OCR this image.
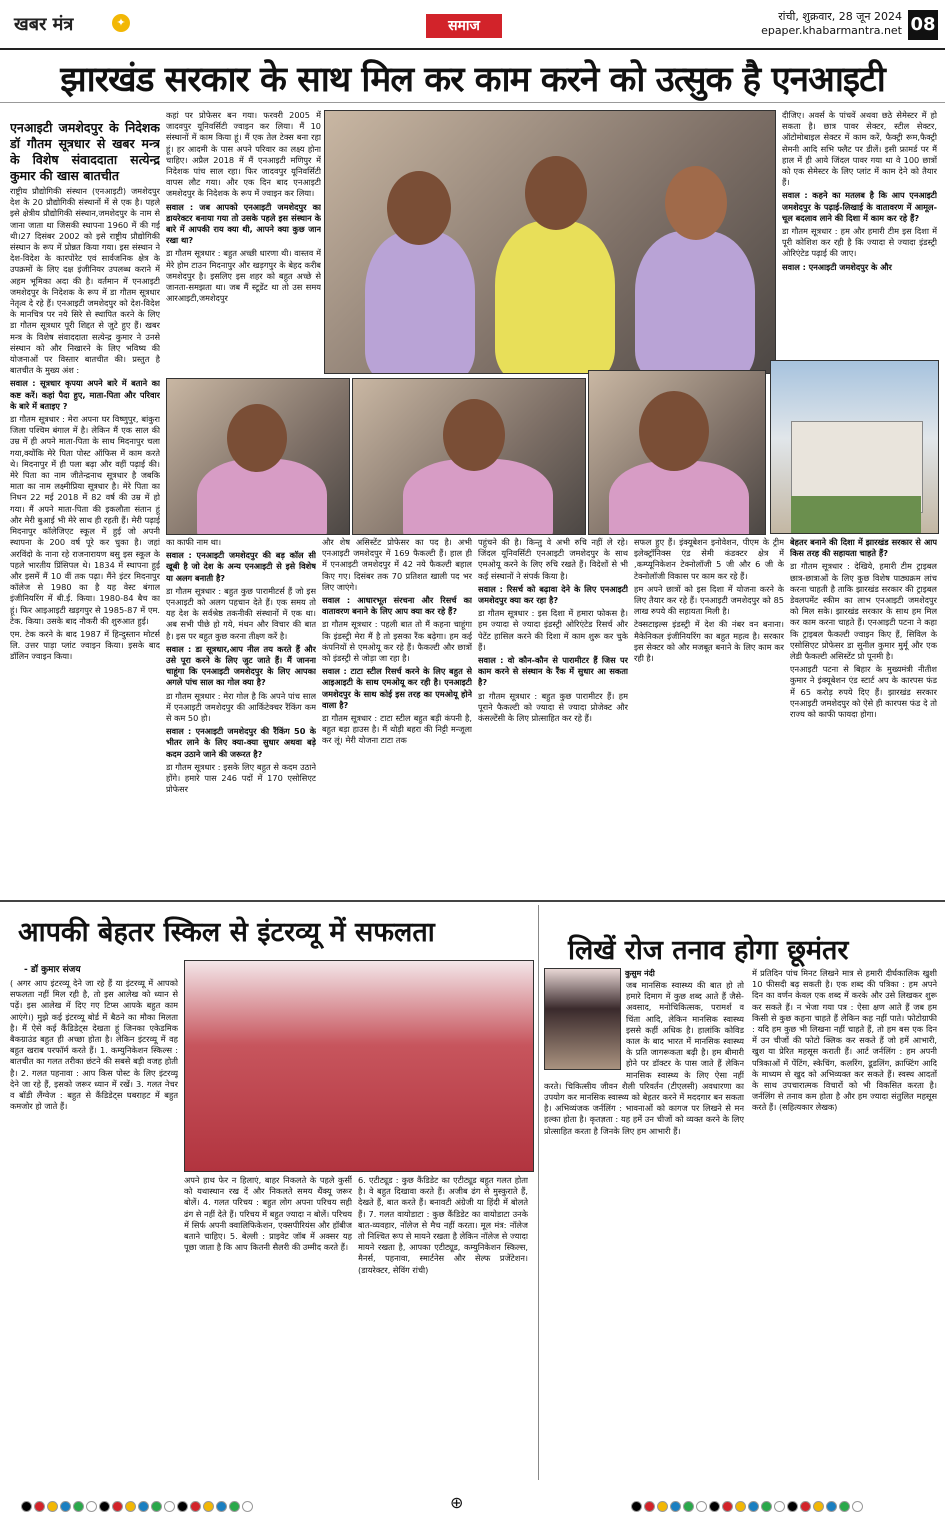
खबर मंत्र	✦	समाज
रांची, शुक्रवार, 28 जून 2024
epaper.khabarmantra.net 08
झारखंड सरकार के साथ मिल कर काम करने को उत्सुक है एनआइटी

एनआइटी जमशेदपुर के निदेशक डॉ गौतम सूत्रधार से खबर मन्त्र के विशेष संवाददाता सत्येन्द्र कुमार की खास बातचीत

राष्ट्रीय प्रौद्योगिकी संस्थान (एनआइटी) जमशेदपुर देश के 20 प्रौद्योगिकी संस्थानों में से एक है। पहले इसे क्षेत्रीय प्रौद्योगिकी संस्थान,जमशेदपुर के नाम से जाना जाता था जिसकी स्थापना 1960 में की गई थी।27 दिसंबर 2002 को इसे राष्ट्रीय प्रौद्योगिकी संस्थान के रूप में प्रोन्नत किया गया। इस संस्थान ने देश-विदेश के कारपोरेट एवं सार्वजनिक क्षेत्र के उपक्रमों के लिए दक्ष इंजीनियर उपलब्ध कराने में अहम भूमिका अदा की है। वर्तमान में एनआइटी जमशेदपुर के निदेशक के रूप में डा गौतम सूत्रधार नेतृत्व दे रहे हैं। एनआइटी जमशेदपुर को देश-विदेश के मानचित्र पर नये सिरे से स्थापित करने के लिए डा गौतम सूत्रधार पूरी शिद्दत से जुटे हुए हैं। खबर मन्त्र के विशेष संवाददाता सत्येन्द्र कुमार ने उनसे संस्थान को और निखारने के लिए भविष्य की योजनाओं पर विस्तार बातचीत की। प्रस्तुत है बातचीत के मुख्य अंश :

सवाल : सूत्रधार कृपया अपने बारे में बताने का कष्ट करें। कहां पैदा हुए, माता-पिता और परिवार के बारे में बताइए ?

डा गौतम सूत्रधार : मेरा अपना घर विष्णुपुर, बांकुरा जिला पश्चिम बंगाल में है। लेकिन मैं एक साल की उम्र में ही अपने माता-पिता के साथ मिदनापुर चला गया,क्योंकि मेरे पिता पोस्ट ऑफिस में काम करते थे। मिदनापुर में ही पला बढ़ा और वहीं पढ़ाई की। मेरे पिता का नाम जीतेन्द्रनाथ सूत्रधार है जबकि माता का नाम लक्ष्मीप्रिया सूत्रधार है। मेरे पिता का निधन 22 मई 2018 में 82 वर्ष की उम्र में हो गया। मैं अपने माता-पिता की इकलौता संतान हूं और मेरी बुआई भी मेरे साथ ही रहती हैं। मेरी पढ़ाई मिदनापुर कॉलेजिएट स्कूल में हुई जो अपनी स्थापना के 200 वर्ष पूरे कर चुका है। जहां अरविंदो के नाना रहे राजनारायण बसु इस स्कूल के पहले भारतीय प्रिंसिपल थे। 1834 में स्थापना हुई और इसमें मैं 10 वीं तक पढ़ा। मैंने इंटर मिदनापुर कॉलेज से 1980 का है यह वेस्ट बंगाल इंजीनियरिंग में बी.ई. किया। 1980-84 बैच का हूं। फिर आइआइटी खड़गपुर से 1985-87 में एम. टेक. किया। उसके बाद नौकरी की शुरुआत हुई।

एम. टेक करने के बाद 1987 में हिन्दुस्तान मोटर्स लि. उत्तर पाड़ा प्लांट ज्वाइन किया। इसके बाद डॉलिन ज्वाइन किया।

कहां पर प्रोफेसर बन गया। फरवरी 2005 में जादवपुर यूनिवर्सिटी ज्वाइन कर लिया। मैं 10 संस्थानों में काम किया हूं। मैं एक तेल टेक्स बना रहा हूं। हर आदमी के पास अपने परिवार का लक्ष्य होना चाहिए। अप्रैल 2018 में मैं एनआइटी मणिपुर में निदेशक पांच साल रहा। फिर जादवपुर यूनिवर्सिटी वापस लौट गया। और एक दिन बाद एनआइटी जमशेदपुर के निदेशक के रूप में ज्वाइन कर लिया।

सवाल : जब आपको एनआइटी जमशेदपुर का डायरेक्टर बनाया गया तो उसके पहले इस संस्थान के बारे में आपकी राय क्या थी, आपने क्या कुछ जान रखा था?

डा गौतम सूत्रधार : बहुत अच्छी धारणा थी। वास्तव में मेरे होम टाउन मिदनापुर और खड़गपुर के बेहद करीब जमशेदपुर है। इसलिए इस शहर को बहुत अच्छे से जानता-समझता था। जब मैं स्टूडेंट था तो उस समय आरआइटी,जमशेदपुर

दीजिए। अवर्स के पांचवें अथवा छठे सेमेस्टर में हो सकता है। छात्र पावर सेक्टर, स्टील सेक्टर, ऑटोमोबाइल सेक्टर में काम करें, फैक्ट्री रूम,फैक्ट्री सेमनी आदि सभि फ्लैट पर डीलें। इसी फ्रामर्ड पर मैं हाल में ही आये जिंदल पावर गया था वे 100 छात्रों को एक सेमेस्टर के लिए प्लांट में काम देने को तैयार हैं।

सवाल : कहने का मतलब है कि आप एनआइटी जमशेदपुर के पढ़ाई-लिखाई के वातावरण में आमूल-चूल बदलाव लाने की दिशा में काम कर रहे हैं?

डा गौतम सूत्रधार : हम और हमारी टीम इस दिशा में पूरी कोशिश कर रही है कि ज्यादा से ज्यादा इंडस्ट्री ओरिएंटेड पढ़ाई की जाए।

सवाल : एनआइटी जमशेदपुर के और

का काफी नाम था।

सवाल : एनआइटी जमशेदपुर की बड़ कॉल सी खूबी है जो देश के अन्य एनआइटी से इसे विशेष या अलग बनाती है?

डा गौतम सूत्रधार : बहुत कुछ पारामीटर्स हैं जो इस एनआइटी को अलग पहचान देते हैं। एक समय तो यह देश के सर्वश्रेष्ठ तकनीकी संस्थानों में एक था। अब सभी पीछे हो गये, मंथन और विचार की बात है। इस पर बहुत कुछ करना तीक्ष्ण करें है।

सवाल : डा सूत्रधार,आप नील तय करते हैं और उसे पूरा करने के लिए जुट जाते हैं। मैं जानना चाहूंगा कि एनआइटी जमशेदपुर के लिए आपका अगले पांच साल का गोल क्या है?

डा गौतम सूत्रधार : मेरा गोल है कि अपने पांच साल में एनआइटी जमशेदपुर की आर्किटेक्चर रैंकिंग कम से कम 50 हो।

सवाल : एनआइटी जमशेदपुर की रैंकिंग 50 के भीतर लाने के लिए क्या-क्या सुधार अथवा बड़े कदम उठाने जाने की जरूरत है?

डा गौतम सूत्रधार : इसके लिए बहुत से कदम उठाने होंगे। हमारे पास 246 पदों में 170 एसोसिएट प्रोफेसर

और शेष असिस्टेंट प्रोफेसर का पद है। अभी एनआइटी जमशेदपुर में 169 फैकल्टी हैं। हाल ही में एनआइटी जमशेदपुर में 42 नये फैकल्टी बहाल किए गए। दिसंबर तक 70 प्रतिशत खाली पद भर लिए जाएंगे।

सवाल : आधारभूत संरचना और रिसर्च का वातावरण बनाने के लिए आप क्या कर रहे हैं?

डा गौतम सूत्रधार : पहली बात तो मैं कहना चाहूंगा कि इंडस्ट्री मेरा मैं है तो इसका रैंक बढ़ेगा। हम कई कंपनियों से एमओयू कर रहे हैं। फैकल्टी और छात्रों को इंडस्ट्री से जोड़ा जा रहा है।

सवाल : टाटा स्टील रिसर्च करने के लिए बहुत से आइआइटी के साथ एमओयू कर रही है। एनआइटी जमशेदपुर के साथ कोई इस तरह का एमओयू होने वाला है?

डा गौतम सूत्रधार : टाटा स्टील बहुत बड़ी कंपनी है, बहुत बड़ा हाउस है। मैं थोड़ी बहरा की निट्टी मन्जूला कर लूं। मेरी योजना टाटा तक

पहुंचने की है। किन्तु वे अभी रुचि नहीं ले रहे। जिंदल यूनिवर्सिटी एनआइटी जमशेदपुर के साथ एमओयू करने के लिए रुचि रखते हैं। विदेशों से भी कई संस्थानों ने संपर्क किया है।

सवाल : रिसर्च को बढ़ावा देने के लिए एनआइटी जमशेदपुर क्या कर रहा है?

डा गौतम सूत्रधार : इस दिशा में हमारा फोकस है। हम ज्यादा से ज्यादा इंडस्ट्री ओरिएंटेड रिसर्च और पेटेंट हासिल करने की दिशा में काम शुरू कर चुके हैं।

सवाल : वो कौन-कौन से पारामीटर हैं जिस पर काम करने से संस्थान के रैंक में सुधार आ सकता है?

डा गौतम सूत्रधार : बहुत कुछ पारामीटर हैं। हम पूराने फैकल्टी को ज्यादा से ज्यादा प्रोजेक्ट और कंसल्टेंसी के लिए प्रोत्साहित कर रहे हैं।

सफल हुए हैं। इंक्यूबेशन इनोवेशन, पीएम के ट्रीम इलेक्ट्रॉनिक्स एंड सेमी कंडक्टर क्षेत्र में ,कम्प्यूनिकेशन टेक्नोलॉजी 5 जी और 6 जी के टेक्नोलॉजी विकास पर काम कर रहे हैं।

हम अपने छात्रों को इस दिशा में योजना करने के लिए तैयार कर रहे हैं। एनआइटी जमशेदपुर को 85 लाख रुपये की सहायता मिली है।

टेक्सटाइल्स इंडस्ट्री में देश की नंबर वन बनाना। मैकेनिकल इंजीनियरिंग का बहुत महत्व है। सरकार इस सेक्टर को और मजबूत बनाने के लिए काम कर रही है।

बेहतर बनाने की दिशा में झारखंड सरकार से आप किस तरह की सहायता चाहते हैं?

डा गौतम सूत्रधार : देखिये, हमारी टीम ट्राइबल छात्र-छात्राओं के लिए कुछ विशेष पाठ्यक्रम लांच करना चाहती है ताकि झारखंड सरकार की ट्राइबल डेवलपमेंट स्कीम का लाभ एनआइटी जमशेदपुर को मिल सके। झारखंड सरकार के साथ हम मिल कर काम करना चाहते हैं। एनआइटी पटना ने कहा कि ट्राइबल फैकल्टी ज्वाइन किए हैं, सिविल के एसोसिएट प्रोफेसर डा सुनील कुमार मुर्मू और एक लेडी फैकल्टी असिस्टेंट प्रो पूनमी है।

एनआइटी पटना से बिहार के मुख्यमंत्री नीतीश कुमार ने इंक्यूबेशन एंड स्टार्ट अप के कारपस फंड में 65 करोड़ रुपये दिए हैं। झारखंड सरकार एनआइटी जमशेदपुर को ऐसे ही कारपस फंड दे तो राज्य को काफी फायदा होगा।

आपकी बेहतर स्किल से इंटरव्यू में सफलता
- डॉ कुमार संजय
( अगर आप इंटरव्यू देने जा रहे हैं या इंटरव्यू में आपको सफलता नहीं मिल रही है, तो इस आलेख को ध्यान से पढ़ें। इस आलेख में दिए गए टिप्स आपके बहुत काम आएंगे।) मुझे कई इंटरव्यू बोर्ड में बैठने का मौका मिलता है। मैं ऐसे कई कैंडिडेट्स देखता हूं जिनका एकेडमिक बैकग्राउंड बहुत ही अच्छा होता है। लेकिन इंटरव्यू में वह बहुत खराब परफॉर्म करते हैं। 1. कम्युनिकेशन स्किल्स : बातचीत का गलत तरीका छंटने की सबसे बड़ी वजह होती है। 2. गलत पहनावा : आप किस पोस्ट के लिए इंटरव्यू देने जा रहे हैं, इसको जरूर ध्यान में रखें। 3. गलत नेचर व बॉडी लैंग्वेज : बहुत से कैंडिडेट्स घबराहट में बहुत कमजोर हो जाते हैं।
अपने हाथ फेर न हिलाएं, बाहर निकलते के पहले कुर्सी को यथास्थान रख दें और निकलते समय थैंक्यू जरूर बोलें। 4. गलत परिचय : बहुत लोग अपना परिचय सही ढंग से नहीं देते हैं। परिचय में बहुत ज्यादा न बोलें। परिचय में सिर्फ अपनी क्वालिफिकेशन, एक्सपीरियंस और हॉबीज बताने चाहिए। 5. बेल्ली : प्राइवेट जॉब में अक्सर यह पूछा जाता है कि आप कितनी सैलरी की उम्मीद करते हैं।
6. एटीट्यूड : कुछ कैंडिडेट का एटीट्यूड बहुत गलत होता है। वे बहुत दिखावा करते हैं। अजीब ढंग से मुस्कुराते हैं, देखते हैं, बात करते हैं। बनावटी अंग्रेजी या हिंदी में बोलते हैं। 7. गलत वायोडाटा : कुछ कैंडिडेट का वायोडाटा उनके बात-व्यवहार, नॉलेज से मैच नहीं करता। मूल मंत्र: नॉलेज तो निश्चित रूप से मायने रखता है लेकिन नॉलेज से ज्यादा मायने रखता है, आपका एटीट्यूड, कम्युनिकेशन स्किल्स, मैनर्स, पहनावा, स्मार्टनेस और सेल्फ प्रजेंटेशन। (डायरेक्टर, सेविंग रांची)
लिखें रोज तनाव होगा छूमंतर
कुसुम नंदी
जब मानसिक स्वास्थ्य की बात हो तो हमारे दिमाग में कुछ शब्द आते हैं जैसे- अवसाद, मनोचिकित्सक, परामर्श व चिंता आदि, लेकिन मानसिक स्वास्थ्य इससे कहीं अधिक है। हालांकि कोविड काल के बाद भारत में मानसिक स्वास्थ्य के प्रति जागरूकता बढ़ी है। हम बीमारी होने पर डॉक्टर के पास जाते हैं लेकिन मानसिक स्वास्थ्य के लिए ऐसा नहीं करते। चिकित्सीय जीवन शैली परिवर्तन (टीएलसी) अवधारणा का उपयोग कर मानसिक स्वास्थ्य को बेहतर करने में मददगार बन सकता है। अभिव्यंजक जर्नलिंग : भावनाओं को कागज पर लिखने से मन हल्का होता है। कृतज्ञता : यह हमें उन चीजों को व्यक्त करने के लिए प्रोत्साहित करता है जिनके लिए हम आभारी हैं।
में प्रतिदिन पांच मिनट लिखने मात्र से हमारी दीर्घकालिक खुशी 10 फीसदी बढ़ सकती है। एक शब्द की पत्रिका : हम अपने दिन का वर्णन केवल एक शब्द में करके और उसे लिखकर शुरू कर सकते हैं। न भेजा गया पत्र : ऐसा क्षण आते हैं जब हम किसी से कुछ कहना चाहते हैं लेकिन कह नहीं पाते। फोटोग्राफी : यदि हम कुछ भी लिखना नहीं चाहते हैं, तो हम बस एक दिन में उन चीजों की फोटो क्लिक कर सकते हैं जो हमें आभारी, खुश या प्रेरित महसूस कराती हैं। आर्ट जर्नलिंग : हम अपनी पत्रिकाओं में पेंटिंग, स्केचिंग, कलरिंग, डूडलिंग, क्राफ्टिंग आदि के माध्यम से खुद को अभिव्यक्त कर सकते हैं। स्वस्थ आदतों के साथ उपचारात्मक विचारों को भी विकसित करता है। जर्नलिंग से तनाव कम होता है और हम ज्यादा संतुलित महसूस करते हैं। (सहित्यकार लेखक)
⊕
